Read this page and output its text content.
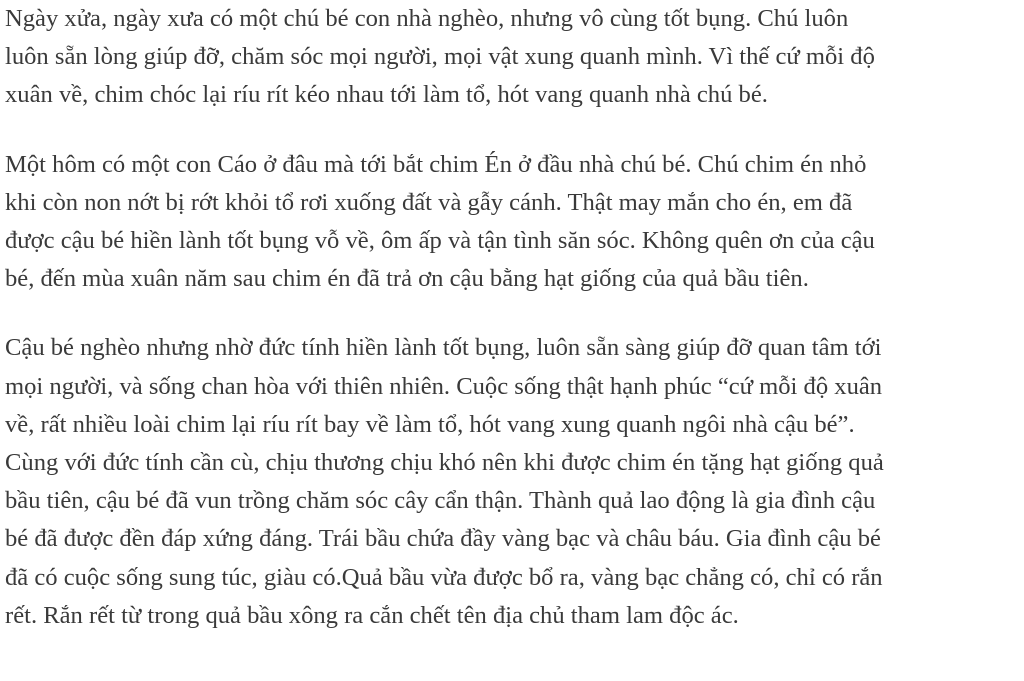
Ngày xửa, ngày xưa có một chú bé con nhà nghèo, nhưng vô cùng tốt bụng. Chú luôn
luôn sẵn lòng giúp đỡ, chăm sóc mọi người, mọi vật xung quanh mình. Vì thế cứ mỗi độ
xuân về, chim chóc lại ríu rít kéo nhau tới làm tổ, hót vang quanh nhà chú bé.

Một hôm có một con Cáo ở đâu mà tới bắt chim Én ở đầu nhà chú bé. Chú chim én nhỏ
khi còn non nớt bị rớt khỏi tổ rơi xuống đất và gẫy cánh. Thật may mắn cho én, em đã
được cậu bé hiền lành tốt bụng vỗ về, ôm ấp và tận tình săn sóc. Không quên ơn của cậu
bé, đến mùa xuân năm sau chim én đã trả ơn cậu bằng hạt giống của quả bầu tiên.

Cậu bé nghèo nhưng nhờ đức tính hiền lành tốt bụng, luôn sẵn sàng giúp đỡ quan tâm tới
mọi người, và sống chan hòa với thiên nhiên. Cuộc sống thật hạnh phúc “cứ mỗi độ xuân
về, rất nhiều loài chim lại ríu rít bay về làm tổ, hót vang xung quanh ngôi nhà cậu bé”.
Cùng với đức tính cần cù, chịu thương chịu khó nên khi được chim én tặng hạt giống quả
bầu tiên, cậu bé đã vun trồng chăm sóc cây cẩn thận. Thành quả lao động là gia đình cậu
bé đã được đền đáp xứng đáng. Trái bầu chứa đầy vàng bạc và châu báu. Gia đình cậu bé
đã có cuộc sống sung túc, giàu có.Quả bầu vừa được bổ ra, vàng bạc chẳng có, chỉ có rắn
rết. Rắn rết từ trong quả bầu xông ra cắn chết tên địa chủ tham lam độc ác.
